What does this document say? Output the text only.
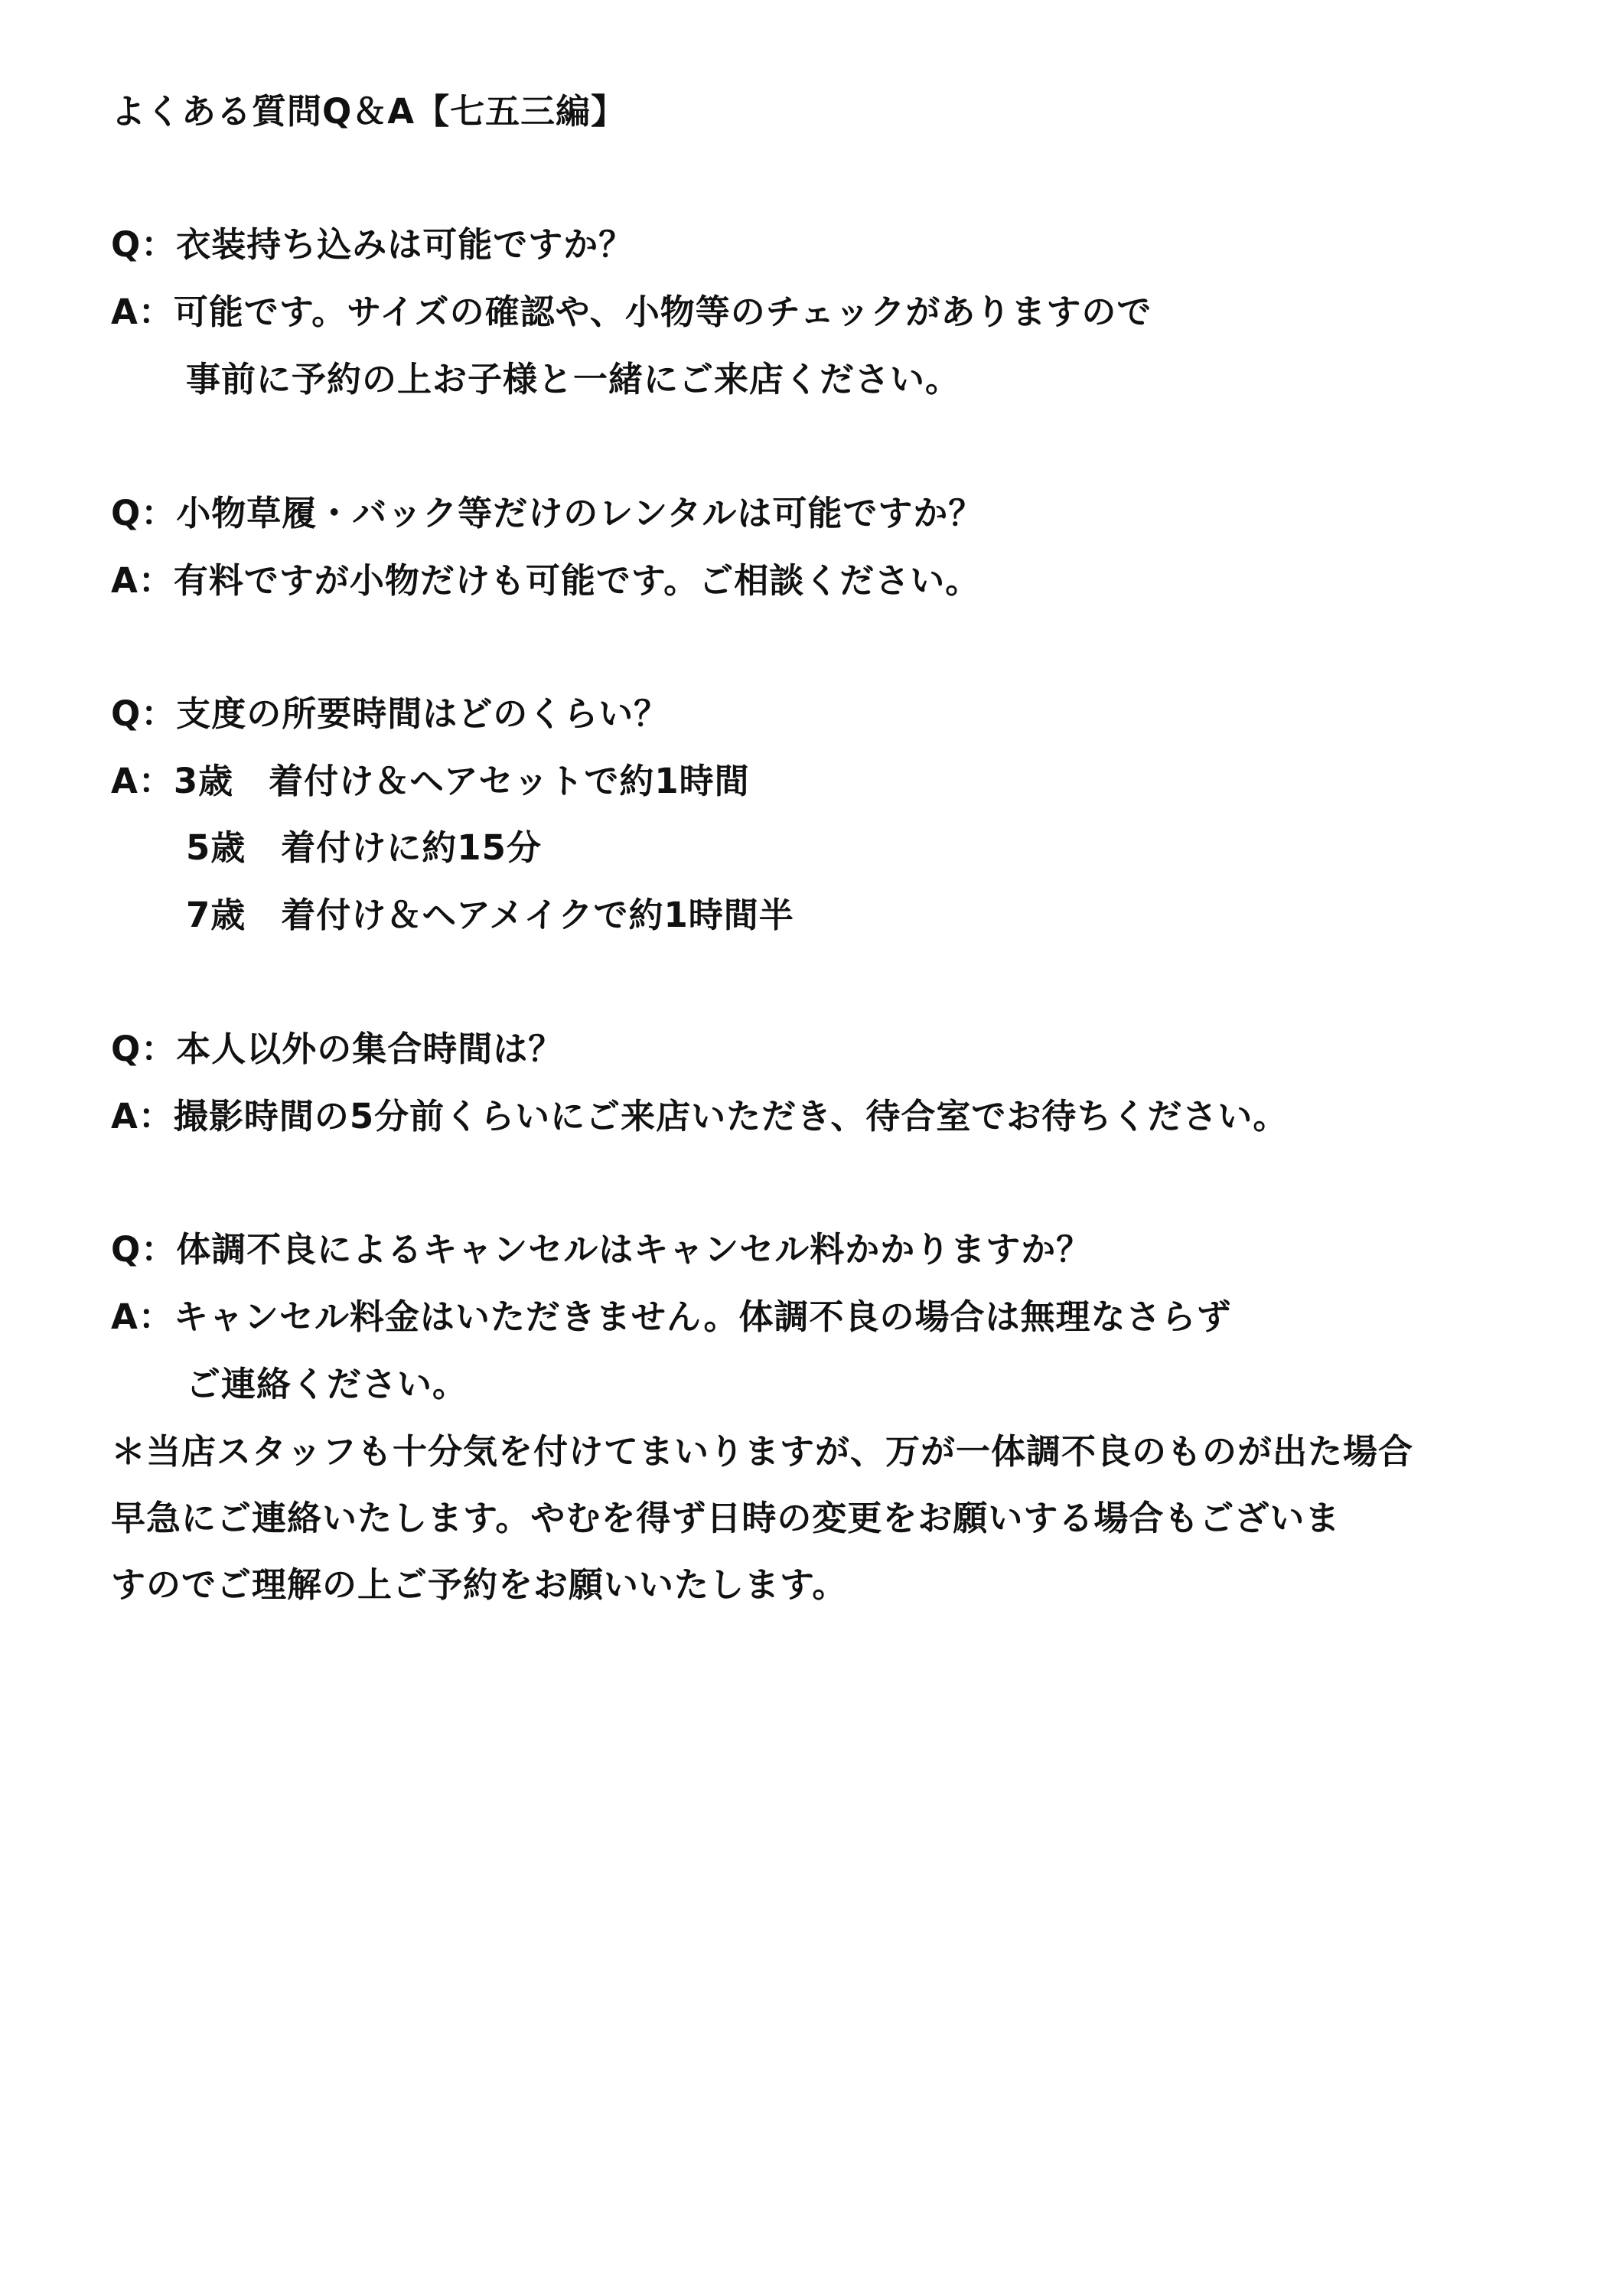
よくある質問Q＆A【七五三編】
Q：衣装持ち込みは可能ですか？
A：可能です。サイズの確認や、小物等のチェックがありますので
事前に予約の上お子様と一緒にご来店ください。
Q：小物草履・バック等だけのレンタルは可能ですか？
A：有料ですが小物だけも可能です。ご相談ください。
Q：支度の所要時間はどのくらい？
A：3歳　着付け＆ヘアセットで約1時間
5歳　着付けに約15分
7歳　着付け＆ヘアメイクで約1時間半
Q：本人以外の集合時間は？
A：撮影時間の5分前くらいにご来店いただき、待合室でお待ちください。
Q：体調不良によるキャンセルはキャンセル料かかりますか？
A：キャンセル料金はいただきません。体調不良の場合は無理なさらず
ご連絡ください。
＊当店スタッフも十分気を付けてまいりますが、万が一体調不良のものが出た場合
早急にご連絡いたします。やむを得ず日時の変更をお願いする場合もございま
すのでご理解の上ご予約をお願いいたします。
